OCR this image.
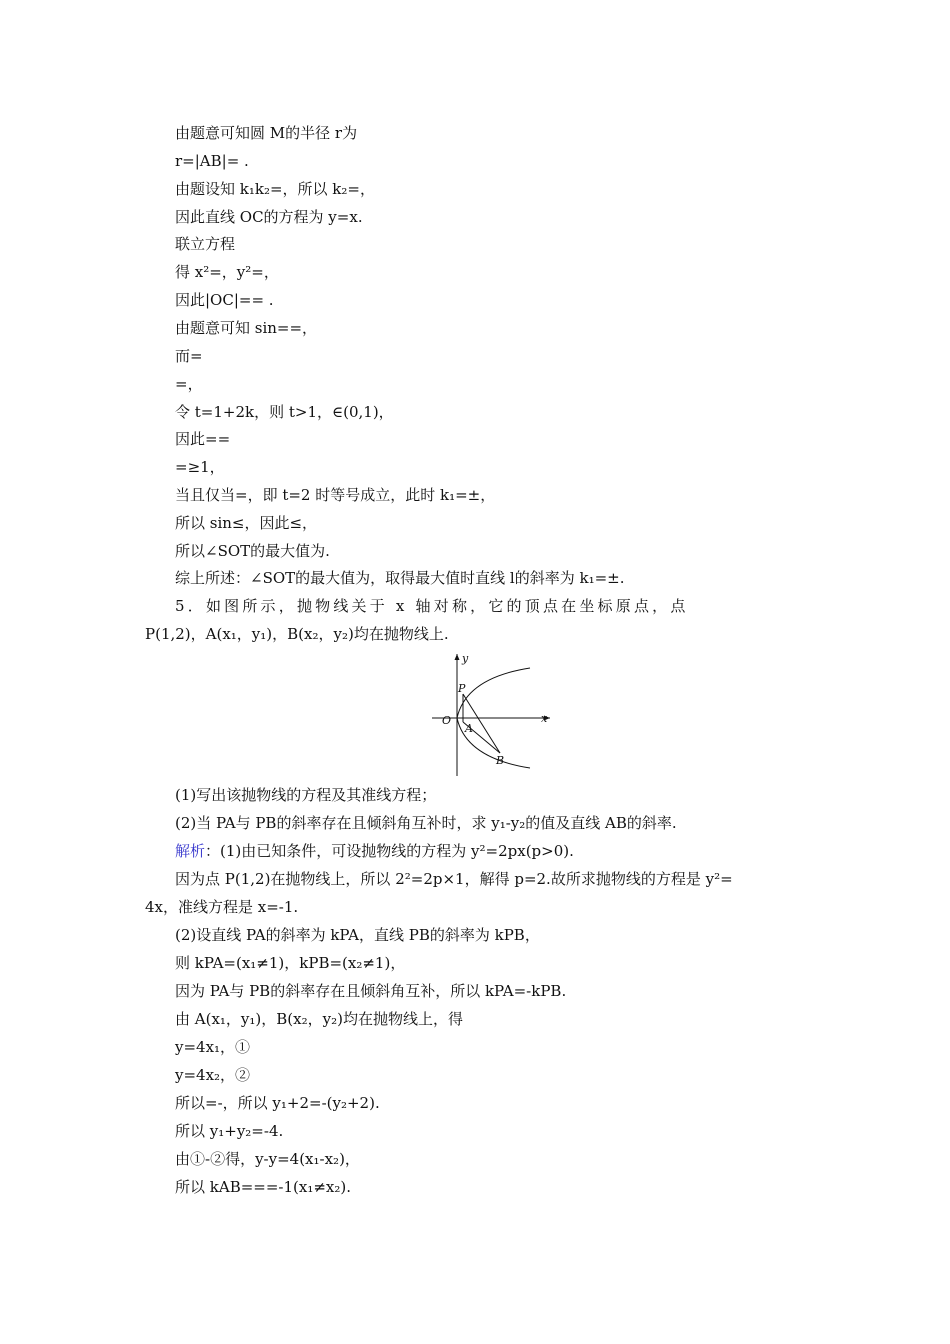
由题意可知圆 M的半径 r为
r=|AB|= .
由题设知 k₁k₂=，所以 k₂=，
因此直线 OC的方程为 y=x.
联立方程
得 x²=，y²=，
因此|OC|== .
由题意可知 sin==，
而=
=，
令 t=1+2k，则 t>1，∈(0,1)，
因此==
=≥1，
当且仅当=，即 t=2 时等号成立，此时 k₁=±，
所以 sin≤，因此≤，
所以∠SOT的最大值为.
综上所述：∠SOT的最大值为，取得最大值时直线 l的斜率为 k₁=±.
5．如图所示，抛物线关于 x 轴对称，它的顶点在坐标原点，点
P(1,2)，A(x₁，y₁)，B(x₂，y₂)均在抛物线上.
y
x
P
O
A
B
(1)写出该抛物线的方程及其准线方程；
(2)当 PA与 PB的斜率存在且倾斜角互补时，求 y₁-y₂的值及直线 AB的斜率.
解析：(1)由已知条件，可设抛物线的方程为 y²=2px(p>0).
因为点 P(1,2)在抛物线上，所以 2²=2p×1，解得 p=2.故所求抛物线的方程是 y²=
4x，准线方程是 x=-1.
(2)设直线 PA的斜率为 kPA，直线 PB的斜率为 kPB，
则 kPA=(x₁≠1)，kPB=(x₂≠1)，
因为 PA与 PB的斜率存在且倾斜角互补，所以 kPA=-kPB.
由 A(x₁，y₁)，B(x₂，y₂)均在抛物线上，得
y=4x₁，①
y=4x₂，②
所以=-，所以 y₁+2=-(y₂+2).
所以 y₁+y₂=-4.
由①-②得，y-y=4(x₁-x₂)，
所以 kAB===-1(x₁≠x₂).
